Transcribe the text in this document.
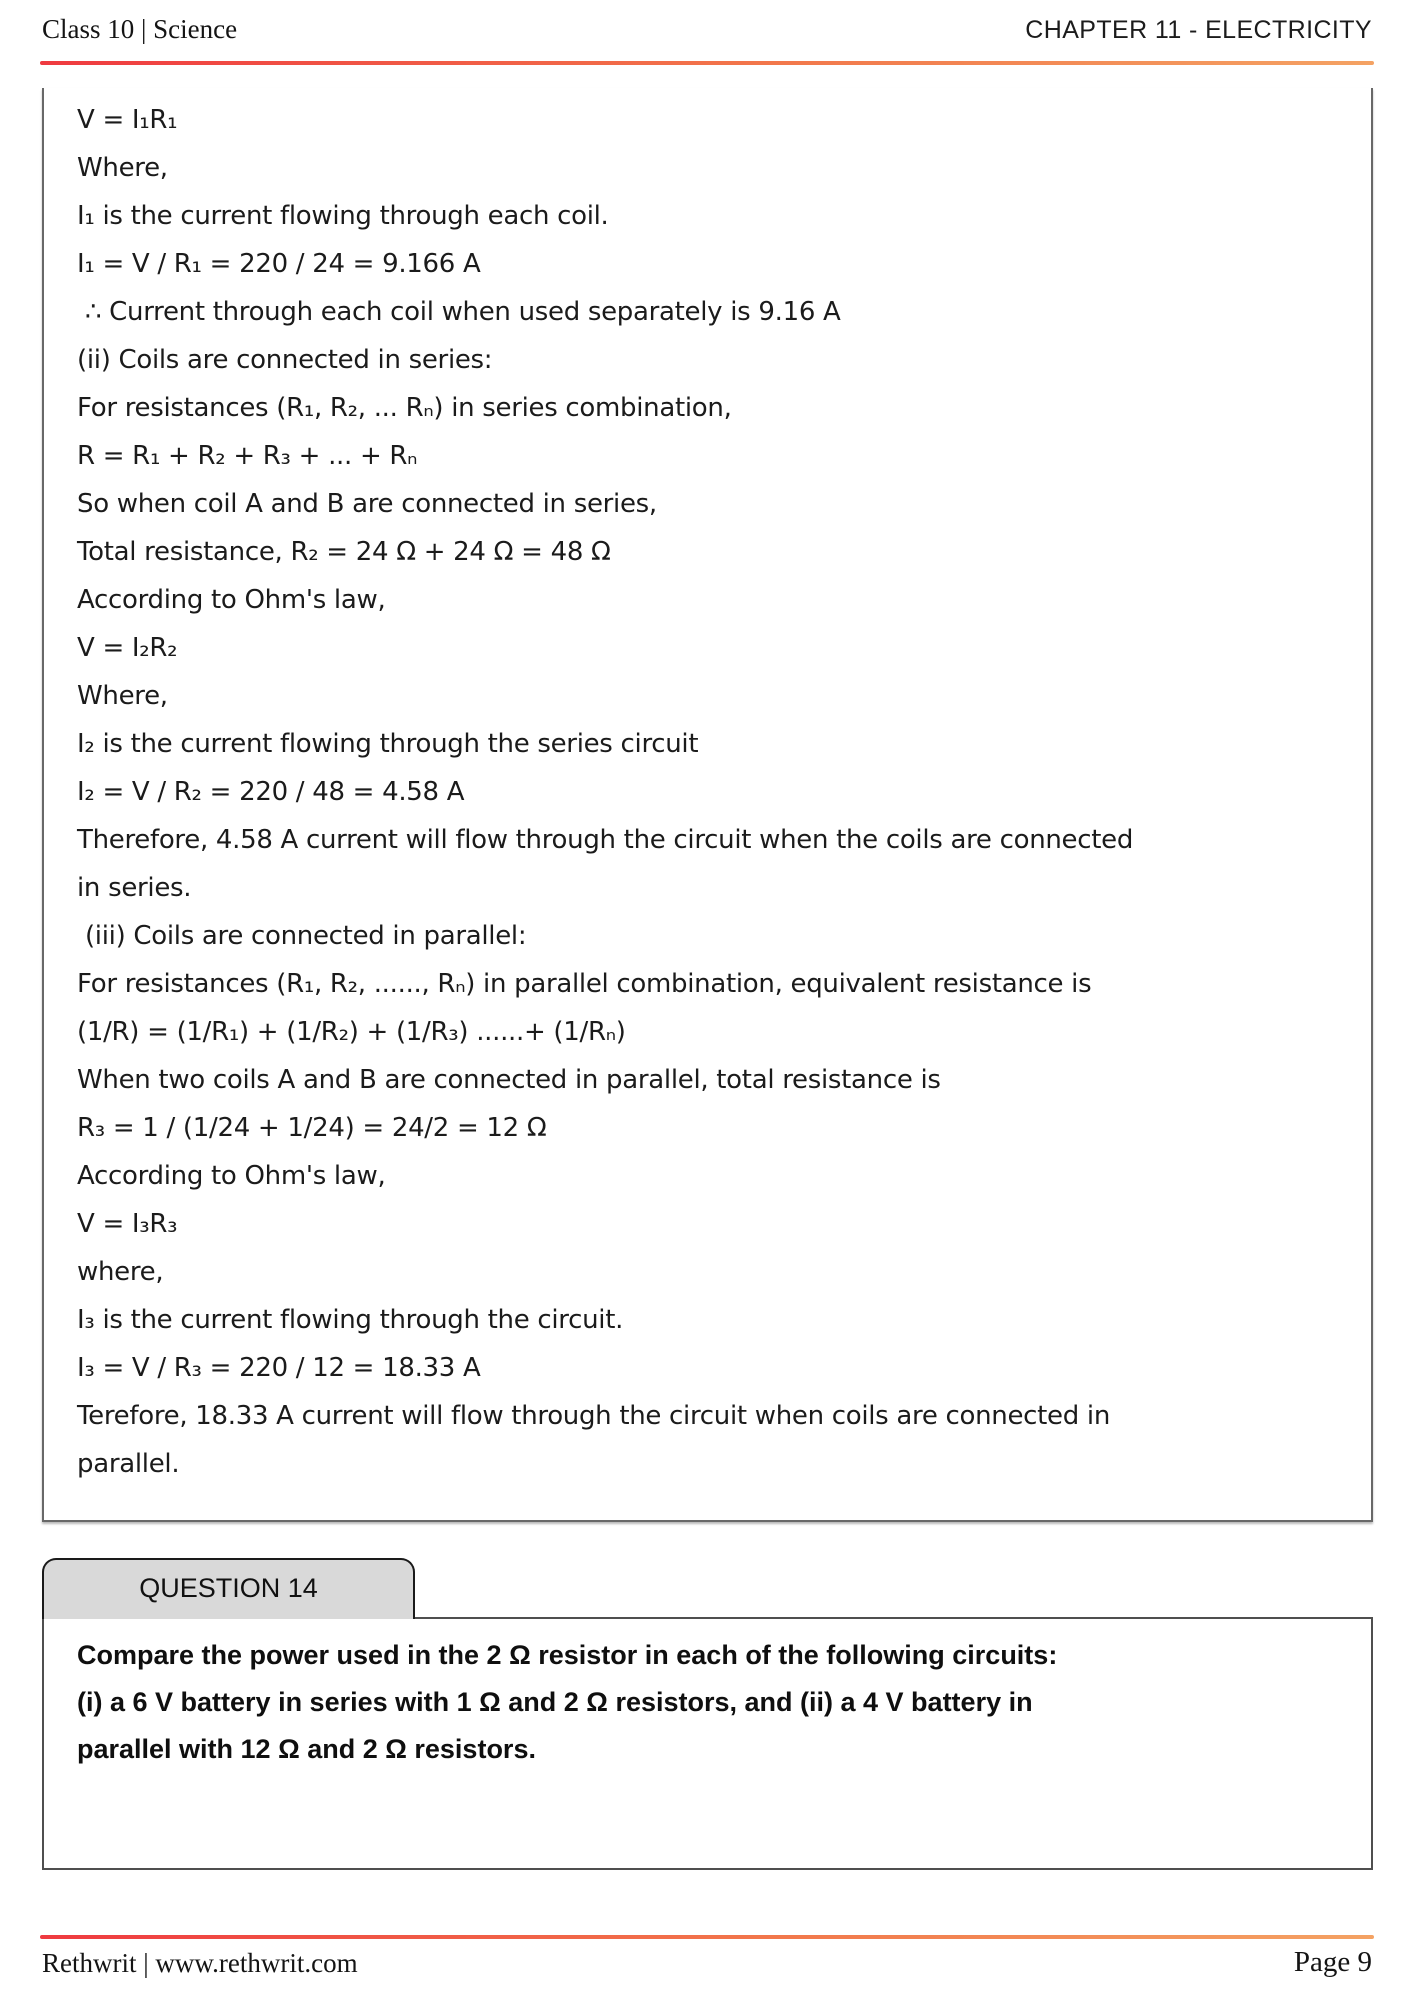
Class 10 | Science	CHAPTER 11 - ELECTRICITY
V = I₁R₁
Where,
I₁ is the current flowing through each coil.
I₁ = V / R₁ = 220 / 24 = 9.166 A
∴ Current through each coil when used separately is 9.16 A
(ii) Coils are connected in series:
For resistances (R₁, R₂, ... Rₙ) in series combination,
R = R₁ + R₂ + R₃ + ... + Rₙ
So when coil A and B are connected in series,
Total resistance, R₂ = 24 Ω + 24 Ω = 48 Ω
According to Ohm's law,
V = I₂R₂
Where,
I₂ is the current flowing through the series circuit
I₂ = V / R₂ = 220 / 48 = 4.58 A
Therefore, 4.58 A current will flow through the circuit when the coils are connected
in series.
(iii) Coils are connected in parallel:
For resistances (R₁, R₂, ......, Rₙ) in parallel combination, equivalent resistance is
(1/R) = (1/R₁) + (1/R₂) + (1/R₃) ......+ (1/Rₙ)
When two coils A and B are connected in parallel, total resistance is
R₃ = 1 / (1/24 + 1/24) = 24/2 = 12 Ω
According to Ohm's law,
V = I₃R₃
where,
I₃ is the current flowing through the circuit.
I₃ = V / R₃ = 220 / 12 = 18.33 A
Terefore, 18.33 A current will flow through the circuit when coils are connected in
parallel.
QUESTION 14
Compare the power used in the 2 Ω resistor in each of the following circuits:
(i) a 6 V battery in series with 1 Ω and 2 Ω resistors, and (ii) a 4 V battery in
parallel with 12 Ω and 2 Ω resistors.
Rethwrit | www.rethwrit.com	Page 9
